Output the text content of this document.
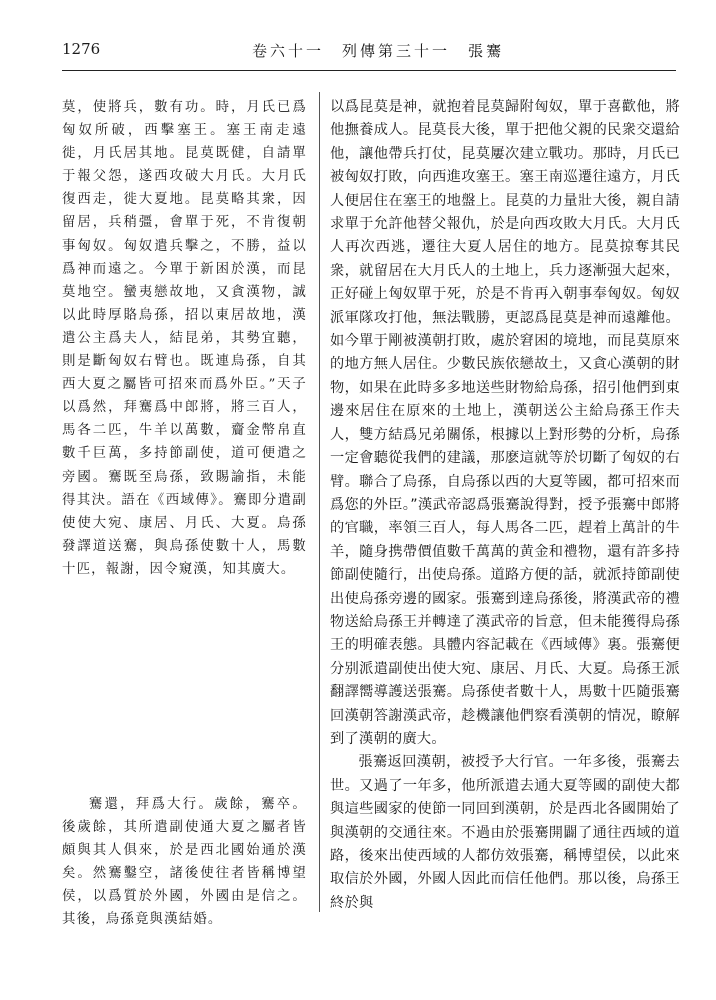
1276	卷六十一　列傳第三十一　張騫

莫，使將兵，數有功。時，月氏已爲匈奴所破，西擊塞王。塞王南走遠徙，月氏居其地。昆莫既健，自請單于報父怨，遂西攻破大月氏。大月氏復西走，徙大夏地。昆莫略其衆，因留居，兵稍彊，會單于死，不肯復朝事匈奴。匈奴遣兵擊之，不勝，益以爲神而遠之。今單于新困於漢，而昆莫地空。蠻夷戀故地，又貪漢物，誠以此時厚賂烏孫，招以東居故地，漢遣公主爲夫人，結昆弟，其勢宜聽，則是斷匈奴右臂也。既連烏孫，自其西大夏之屬皆可招來而爲外臣。”天子以爲然，拜騫爲中郎將，將三百人，馬各二匹，牛羊以萬數，齎金幣帛直數千巨萬，多持節副使，道可便遣之旁國。騫既至烏孫，致賜諭指，未能得其決。語在《西域傳》。騫即分遣副使使大宛、康居、月氏、大夏。烏孫發譯道送騫，與烏孫使數十人，馬數十匹，報謝，因令窺漢，知其廣大。

騫還，拜爲大行。歲餘，騫卒。後歲餘，其所遣副使通大夏之屬者皆頗與其人俱來，於是西北國始通於漢矣。然騫鑿空，諸後使往者皆稱博望侯，以爲質於外國，外國由是信之。其後，烏孫竟與漢結婚。

以爲昆莫是神，就抱着昆莫歸附匈奴，單于喜歡他，將他撫養成人。昆莫長大後，單于把他父親的民衆交還給他，讓他帶兵打仗，昆莫屢次建立戰功。那時，月氏已被匈奴打敗，向西進攻塞王。塞王南巡遷往遠方，月氏人便居住在塞王的地盤上。昆莫的力量壯大後，親自請求單于允許他替父報仇，於是向西攻敗大月氏。大月氏人再次西逃，遷往大夏人居住的地方。昆莫掠奪其民衆，就留居在大月氏人的土地上，兵力逐漸强大起來，正好碰上匈奴單于死，於是不肯再入朝事奉匈奴。匈奴派軍隊攻打他，無法戰勝，更認爲昆莫是神而遠離他。如今單于剛被漢朝打敗，處於窘困的境地，而昆莫原來的地方無人居住。少數民族依戀故土，又貪心漢朝的財物，如果在此時多多地送些財物給烏孫，招引他們到東邊來居住在原來的土地上，漢朝送公主給烏孫王作夫人，雙方結爲兄弟關係，根據以上對形勢的分析，烏孫一定會聽從我們的建議，那麽這就等於切斷了匈奴的右臂。聯合了烏孫，自烏孫以西的大夏等國，都可招來而爲您的外臣。”漢武帝認爲張騫說得對，授予張騫中郎將的官職，率領三百人，每人馬各二匹，趕着上萬計的牛羊，隨身携帶價值數千萬萬的黄金和禮物，還有許多持節副使隨行，出使烏孫。道路方便的話，就派持節副使出使烏孫旁邊的國家。張騫到達烏孫後，將漢武帝的禮物送給烏孫王并轉達了漢武帝的旨意，但未能獲得烏孫王的明確表態。具體内容記載在《西域傳》裏。張騫便分别派遣副使出使大宛、康居、月氏、大夏。烏孫王派翻譯嚮導護送張騫。烏孫使者數十人，馬數十匹隨張騫回漢朝答謝漢武帝，趁機讓他們察看漢朝的情况，瞭解到了漢朝的廣大。

張騫返回漢朝，被授予大行官。一年多後，張騫去世。又過了一年多，他所派遣去通大夏等國的副使大都與這些國家的使節一同回到漢朝，於是西北各國開始了與漢朝的交通往來。不過由於張騫開闢了通往西域的道路，後來出使西域的人都仿效張騫，稱博望侯，以此來取信於外國，外國人因此而信任他們。那以後，烏孫王終於與
